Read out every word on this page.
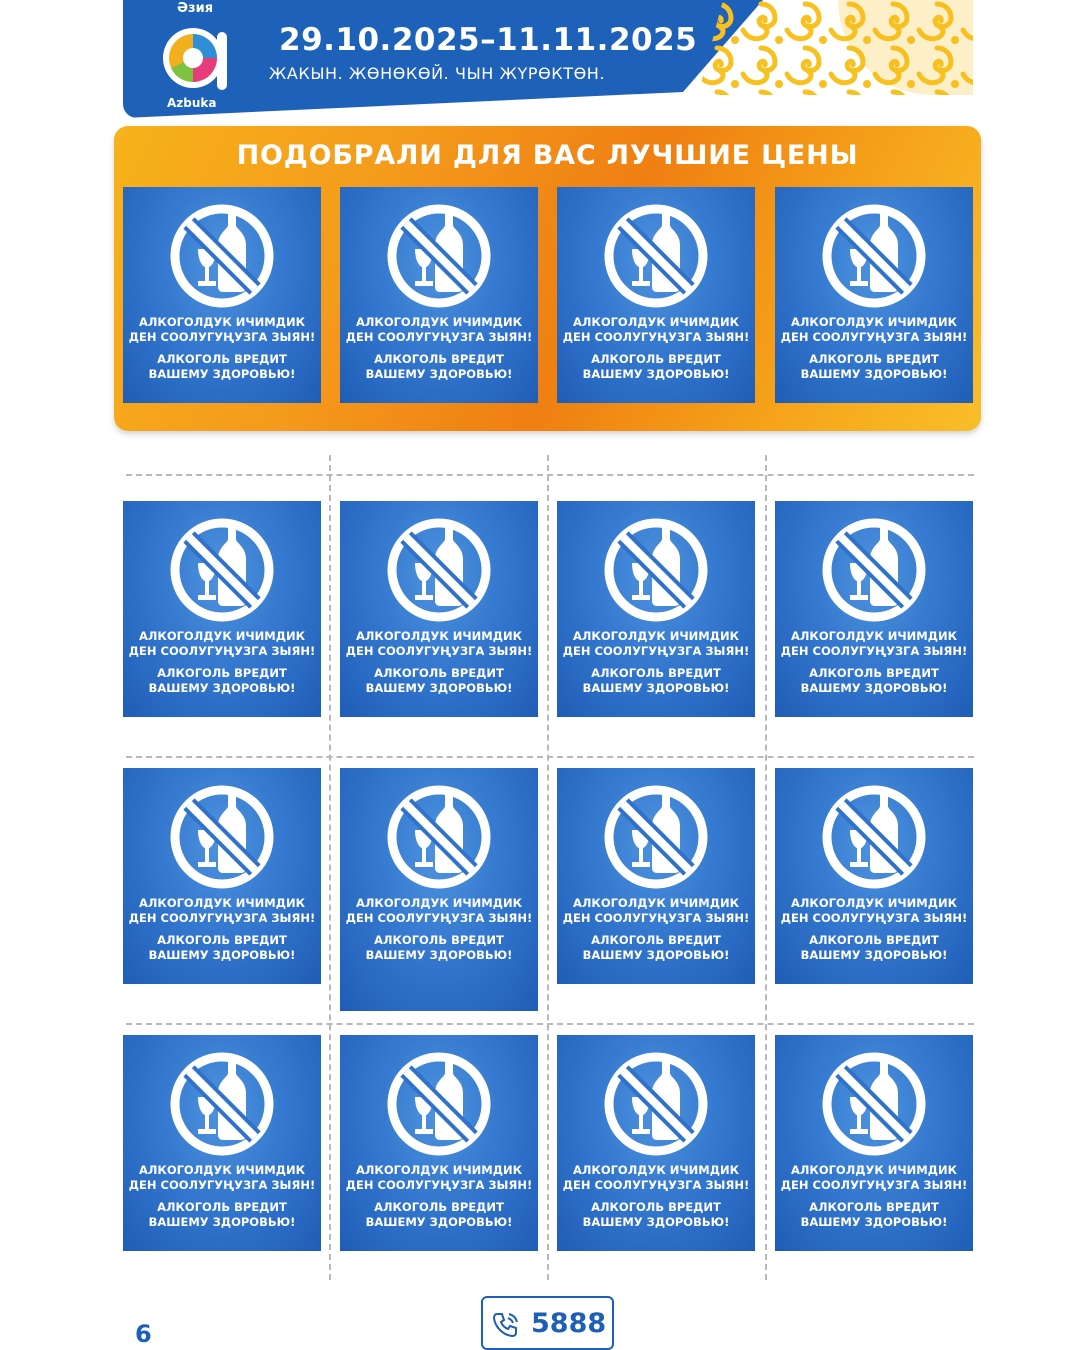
Әзия
Azbuka
29.10.2025–11.11.2025
ЖАКЫН. ЖӨНӨКӨЙ. ЧЫН ЖҮРӨКТӨН.
ПОДОБРАЛИ ДЛЯ ВАС ЛУЧШИЕ ЦЕНЫ
АЛКОГОЛДУК ИЧИМДИК
ДЕН СООЛУГУҢУЗГА ЗЫЯН!
АЛКОГОЛЬ ВРЕДИТ
ВАШЕМУ ЗДОРОВЬЮ!
АЛКОГОЛДУК ИЧИМДИК
ДЕН СООЛУГУҢУЗГА ЗЫЯН!
АЛКОГОЛЬ ВРЕДИТ
ВАШЕМУ ЗДОРОВЬЮ!
АЛКОГОЛДУК ИЧИМДИК
ДЕН СООЛУГУҢУЗГА ЗЫЯН!
АЛКОГОЛЬ ВРЕДИТ
ВАШЕМУ ЗДОРОВЬЮ!
АЛКОГОЛДУК ИЧИМДИК
ДЕН СООЛУГУҢУЗГА ЗЫЯН!
АЛКОГОЛЬ ВРЕДИТ
ВАШЕМУ ЗДОРОВЬЮ!
АЛКОГОЛДУК ИЧИМДИК
ДЕН СООЛУГУҢУЗГА ЗЫЯН!
АЛКОГОЛЬ ВРЕДИТ
ВАШЕМУ ЗДОРОВЬЮ!
АЛКОГОЛДУК ИЧИМДИК
ДЕН СООЛУГУҢУЗГА ЗЫЯН!
АЛКОГОЛЬ ВРЕДИТ
ВАШЕМУ ЗДОРОВЬЮ!
АЛКОГОЛДУК ИЧИМДИК
ДЕН СООЛУГУҢУЗГА ЗЫЯН!
АЛКОГОЛЬ ВРЕДИТ
ВАШЕМУ ЗДОРОВЬЮ!
АЛКОГОЛДУК ИЧИМДИК
ДЕН СООЛУГУҢУЗГА ЗЫЯН!
АЛКОГОЛЬ ВРЕДИТ
ВАШЕМУ ЗДОРОВЬЮ!
АЛКОГОЛДУК ИЧИМДИК
ДЕН СООЛУГУҢУЗГА ЗЫЯН!
АЛКОГОЛЬ ВРЕДИТ
ВАШЕМУ ЗДОРОВЬЮ!
АЛКОГОЛДУК ИЧИМДИК
ДЕН СООЛУГУҢУЗГА ЗЫЯН!
АЛКОГОЛЬ ВРЕДИТ
ВАШЕМУ ЗДОРОВЬЮ!
АЛКОГОЛДУК ИЧИМДИК
ДЕН СООЛУГУҢУЗГА ЗЫЯН!
АЛКОГОЛЬ ВРЕДИТ
ВАШЕМУ ЗДОРОВЬЮ!
АЛКОГОЛДУК ИЧИМДИК
ДЕН СООЛУГУҢУЗГА ЗЫЯН!
АЛКОГОЛЬ ВРЕДИТ
ВАШЕМУ ЗДОРОВЬЮ!
АЛКОГОЛДУК ИЧИМДИК
ДЕН СООЛУГУҢУЗГА ЗЫЯН!
АЛКОГОЛЬ ВРЕДИТ
ВАШЕМУ ЗДОРОВЬЮ!
АЛКОГОЛДУК ИЧИМДИК
ДЕН СООЛУГУҢУЗГА ЗЫЯН!
АЛКОГОЛЬ ВРЕДИТ
ВАШЕМУ ЗДОРОВЬЮ!
АЛКОГОЛДУК ИЧИМДИК
ДЕН СООЛУГУҢУЗГА ЗЫЯН!
АЛКОГОЛЬ ВРЕДИТ
ВАШЕМУ ЗДОРОВЬЮ!
АЛКОГОЛДУК ИЧИМДИК
ДЕН СООЛУГУҢУЗГА ЗЫЯН!
АЛКОГОЛЬ ВРЕДИТ
ВАШЕМУ ЗДОРОВЬЮ!
6	5888
